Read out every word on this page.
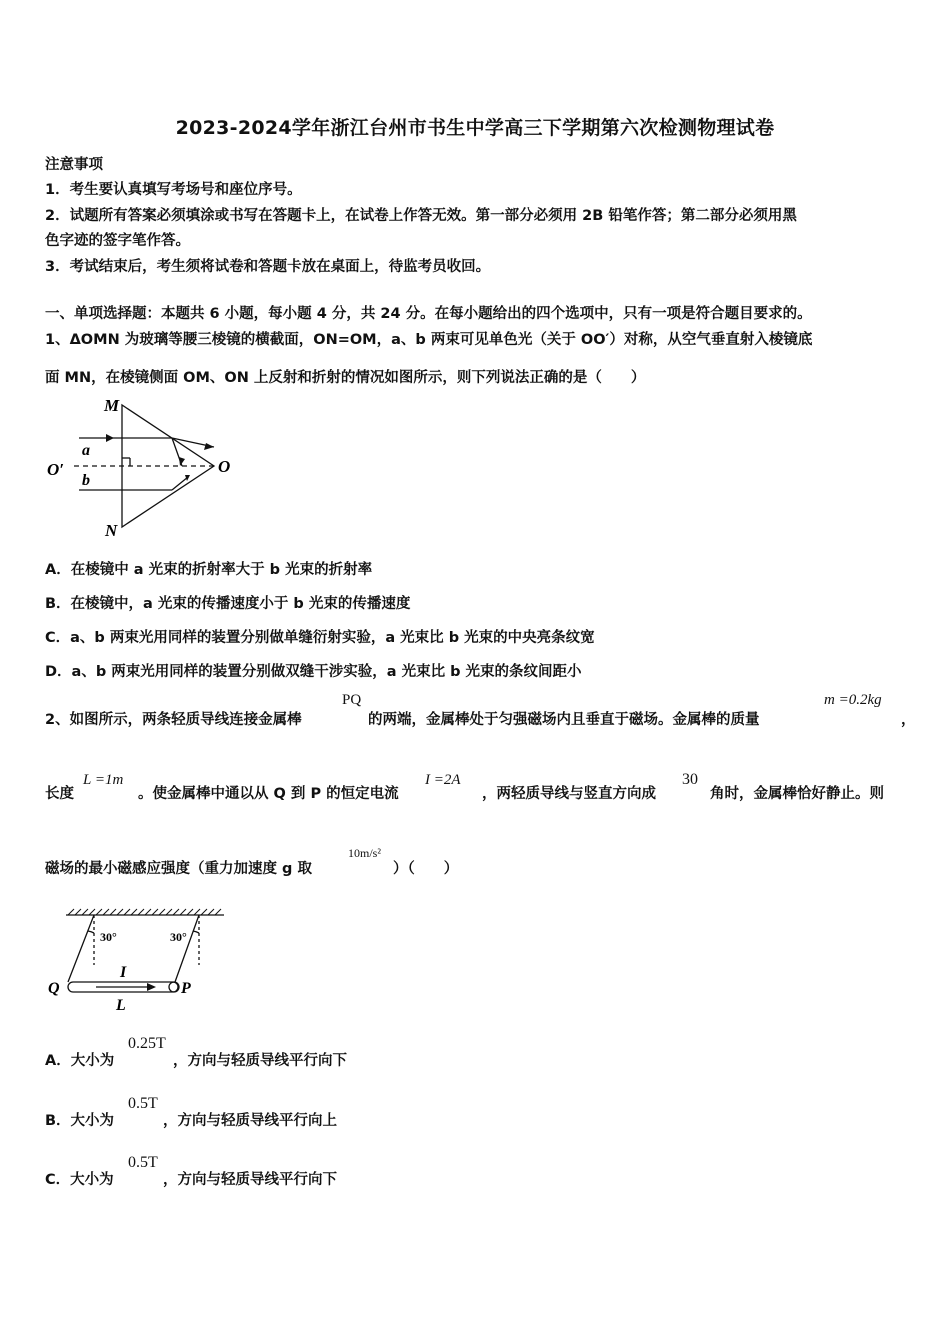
2023-2024学年浙江台州市书生中学高三下学期第六次检测物理试卷
注意事项
1．考生要认真填写考场号和座位序号。
2．试题所有答案必须填涂或书写在答题卡上，在试卷上作答无效。第一部分必须用 2B 铅笔作答；第二部分必须用黑
色字迹的签字笔作答。
3．考试结束后，考生须将试卷和答题卡放在桌面上，待监考员收回。
一、单项选择题：本题共 6 小题，每小题 4 分，共 24 分。在每小题给出的四个选项中，只有一项是符合题目要求的。
1、ΔOMN 为玻璃等腰三棱镜的横截面，ON=OM，a、b 两束可见单色光（关于 OO′）对称，从空气垂直射入棱镜底
面 MN，在棱镜侧面 OM、ON 上反射和折射的情况如图所示，则下列说法正确的是（　　）
M
N
O
O′
a
b
A．在棱镜中 a 光束的折射率大于 b 光束的折射率
B．在棱镜中，a 光束的传播速度小于 b 光束的传播速度
C．a、b 两束光用同样的装置分别做单缝衍射实验，a 光束比 b 光束的中央亮条纹宽
D．a、b 两束光用同样的装置分别做双缝干涉实验，a 光束比 b 光束的条纹间距小
2、如图所示，两条轻质导线连接金属棒
PQ
的两端，金属棒处于匀强磁场内且垂直于磁场。金属棒的质量
m =0.2kg
，
长度
L =1m
。使金属棒中通以从 Q 到 P 的恒定电流
I =2A
，两轻质导线与竖直方向成
30
角时，金属棒恰好静止。则
磁场的最小磁感应强度（重力加速度 g 取
10m/s²
）（　　）
30°	30°
I
L
Q	P
A．大小为
0.25T
，方向与轻质导线平行向下
B．大小为
0.5T
，方向与轻质导线平行向上
C．大小为
0.5T
，方向与轻质导线平行向下
